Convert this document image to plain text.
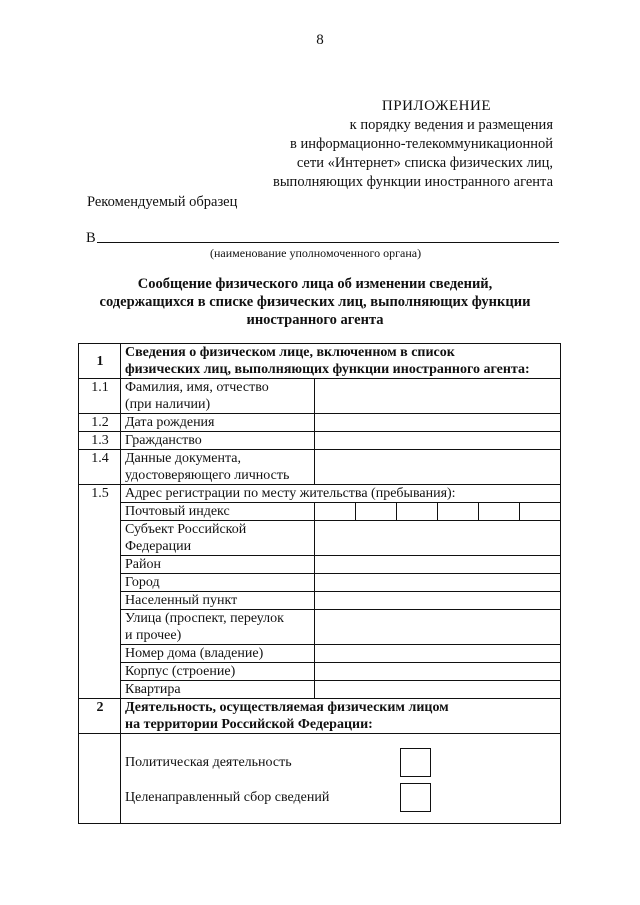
8
ПРИЛОЖЕНИЕ
к порядку ведения и размещения
в информационно-телекоммуникационной
сети «Интернет» списка физических лиц,
выполняющих функции иностранного агента
Рекомендуемый образец
В
(наименование уполномоченного органа)
Сообщение физического лица об изменении сведений,
содержащихся в списке физических лиц, выполняющих функции
иностранного агента
1	Сведения о физическом лице, включенном в список
физических лиц, выполняющих функции иностранного агента:	

1.1	Фамилия, имя, отчество
(при наличии)	

1.2	Дата рождения	
1.3	Гражданство	
1.4	Данные документа,
удостоверяющего личность	

1.5	Адрес регистрации по месту жительства (пребывания):	
	Почтовый индекс	

	Субъект Российской
Федерации	

	Район	
	Город	
	Населенный пункт	

	Улица (проспект, переулок
и прочее)	

	Номер дома (владение)	
	Корпус (строение)	
	Квартира	
2	Деятельность, осуществляемая физическим лицом
на территории Российской Федерации:	

	Политическая деятельность
Целенаправленный сбор сведений	
